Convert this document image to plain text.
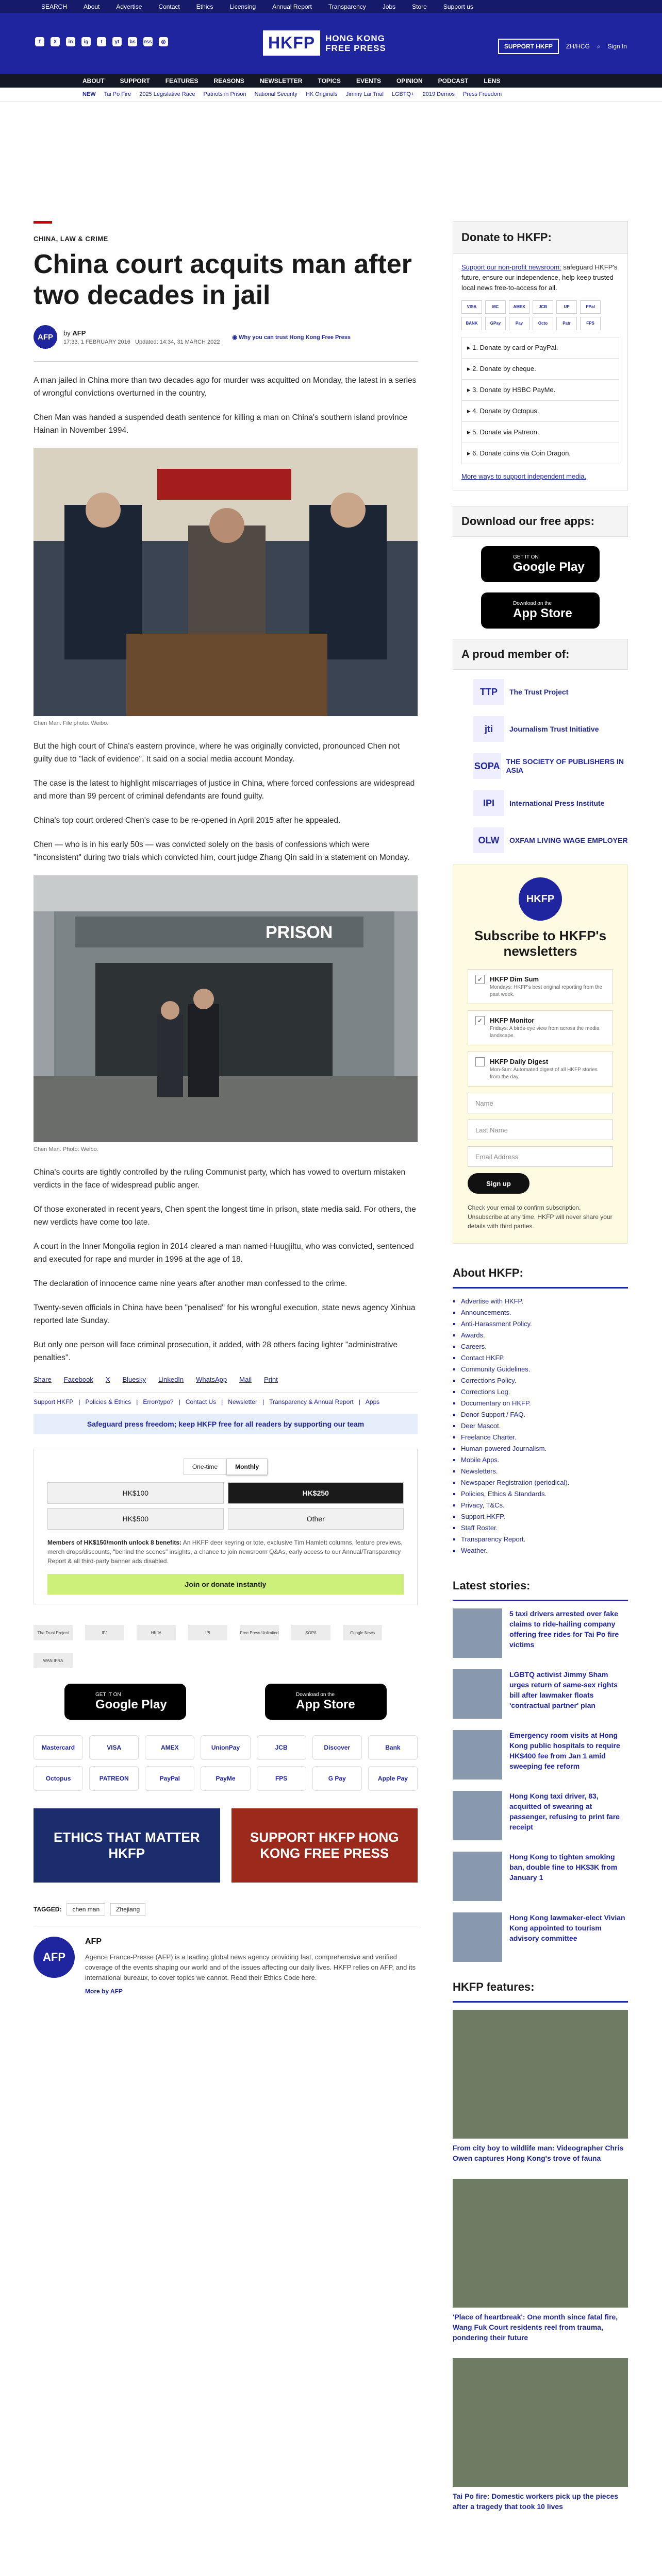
SEARCH	About	Advertise	Contact	Ethics	Licensing	Annual Report	Transparency	Jobs	Store	Support us
f	X	in	ig	t	yt	bs	rss	◎	HKFP	HONG KONG
FREE PRESS	SUPPORT HKFP	ZH/HCG ⌕ Sign In
ABOUT	SUPPORT	FEATURES	REASONS	NEWSLETTER	TOPICS	EVENTS	OPINION	PODCAST	LENS
NEW Tai Po Fire 2025 Legislative Race Patriots in Prison National Security HK Originals Jimmy Lai Trial LGBTQ+ 2019 Demos Press Freedom
CHINA, LAW & CRIME
China court acquits man after two decades in jail
AFP	by AFP
17:33, 1 FEBRUARY 2016 Updated: 14:34, 31 MARCH 2022
◉ Why you can trust Hong Kong Free Press

A man jailed in China more than two decades ago for murder was acquitted on Monday, the latest in a series of wrongful convictions overturned in the country.

Chen Man was handed a suspended death sentence for killing a man on China's southern island province Hainan in November 1994.

Chen Man. File photo: Weibo.

But the high court of China's eastern province, where he was originally convicted, pronounced Chen not guilty due to "lack of evidence". It said on a social media account Monday.

The case is the latest to highlight miscarriages of justice in China, where forced confessions are widespread and more than 99 percent of criminal defendants are found guilty.

China's top court ordered Chen's case to be re-opened in April 2015 after he appealed.

Chen — who is in his early 50s — was convicted solely on the basis of confessions which were "inconsistent" during two trials which convicted him, court judge Zhang Qin said in a statement on Monday.

PRISON
Chen Man. Photo: Weibo.

China's courts are tightly controlled by the ruling Communist party, which has vowed to overturn mistaken verdicts in the face of widespread public anger.

Of those exonerated in recent years, Chen spent the longest time in prison, state media said. For others, the new verdicts have come too late.

A court in the Inner Mongolia region in 2014 cleared a man named Huugjiltu, who was convicted, sentenced and executed for rape and murder in 1996 at the age of 18.

The declaration of innocence came nine years after another man confessed to the crime.

Twenty-seven officials in China have been "penalised" for his wrongful execution, state news agency Xinhua reported late Sunday.

But only one person will face criminal prosecution, it added, with 28 others facing lighter "administrative penalties".

Share Facebook X Bluesky LinkedIn WhatsApp Mail Print
Support HKFP | Policies & Ethics | Error/typo? | Contact Us | Newsletter | Transparency & Annual Report | Apps
Safeguard press freedom; keep HKFP free for all readers by supporting our team
One-time	Monthly
HK$100	HK$250
HK$500	Other

Members of HK$150/month unlock 8 benefits: An HKFP deer keyring or tote, exclusive Tim Hamlett columns, feature previews, merch drops/discounts, "behind the scenes" insights, a chance to join newsroom Q&As, early access to our Annual/Transparency Report & all third-party banner ads disabled.

Join or donate instantly
The Trust Project	IFJ	HKJA	IPI	Free Press Unlimited	SOPA	Google News
WAN IFRA
GET IT ON
Google Play
Download on the
App Store
Mastercard	VISA	AMEX	UnionPay	JCB	Discover	Bank
Octopus	PATREON	PayPal	PayMe	FPS	G Pay	Apple Pay
ETHICS THAT MATTER HKFP
SUPPORT HKFP HONG KONG FREE PRESS
TAGGED:	chen man	Zhejiang
AFP
AFP

Agence France-Presse (AFP) is a leading global news agency providing fast, comprehensive and verified coverage of the events shaping our world and of the issues affecting our daily lives. HKFP relies on AFP, and its international bureaux, to cover topics we cannot. Read their Ethics Code here.

More by AFP
Donate to HKFP:

Support our non-profit newsroom: safeguard HKFP's future, ensure our independence, help keep trusted local news free-to-access for all.

VISA	MC	AMEX	JCB	UP	PPal
BANK	GPay	Pay	Octo	Patr	FPS
▸ 1. Donate by card or PayPal.
▸ 2. Donate by cheque.
▸ 3. Donate by HSBC PayMe.
▸ 4. Donate by Octopus.
▸ 5. Donate via Patreon.
▸ 6. Donate coins via Coin Dragon.

More ways to support independent media.

Download our free apps:
GET IT ON
Google Play
Download on the
App Store
A proud member of:
TTP	The Trust Project
jti	Journalism Trust Initiative
SOPA THE SOCIETY OF PUBLISHERS IN ASIA
IPI	International Press Institute
OLW	OXFAM LIVING WAGE EMPLOYER
HKFP
Subscribe to HKFP's newsletters
✓	HKFP Dim Sum

Mondays: HKFP's best original reporting from the past week.

✓	HKFP Monitor

Fridays: A birds-eye view from across the media landscape.

HKFP Daily Digest

Mon-Sun: Automated digest of all HKFP stories from the day.

Name
Last Name
Email Address
Sign up

Check your email to confirm subscription. Unsubscribe at any time. HKFP will never share your details with third parties.

About HKFP:
▪ Advertise with HKFP.
▪ Announcements.
▪ Anti-Harassment Policy.
▪ Awards.
▪ Careers.
▪ Contact HKFP.
▪ Community Guidelines.
▪ Corrections Policy.
▪ Corrections Log.
▪ Documentary on HKFP.
▪ Donor Support / FAQ.
▪ Deer Mascot.
▪ Freelance Charter.
▪ Human-powered Journalism.
▪ Mobile Apps.
▪ Newsletters.
▪ Newspaper Registration (periodical).
▪ Policies, Ethics & Standards.
▪ Privacy, T&Cs.
▪ Support HKFP.
▪ Staff Roster.
▪ Transparency Report.
▪ Weather.
Latest stories:

5 taxi drivers arrested over fake claims to ride-hailing company offering free rides for Tai Po fire victims

LGBTQ activist Jimmy Sham urges return of same-sex rights bill after lawmaker floats 'contractual partner' plan

Emergency room visits at Hong Kong public hospitals to require HK$400 fee from Jan 1 amid sweeping fee reform

Hong Kong taxi driver, 83, acquitted of swearing at passenger, refusing to print fare receipt

Hong Kong to tighten smoking ban, double fine to HK$3K from January 1

Hong Kong lawmaker-elect Vivian Kong appointed to tourism advisory committee

HKFP features:

From city boy to wildlife man: Videographer Chris Owen captures Hong Kong's trove of fauna

'Place of heartbreak': One month since fatal fire, Wang Fuk Court residents reel from trauma, pondering their future

Tai Po fire: Domestic workers pick up the pieces after a tragedy that took 10 lives
